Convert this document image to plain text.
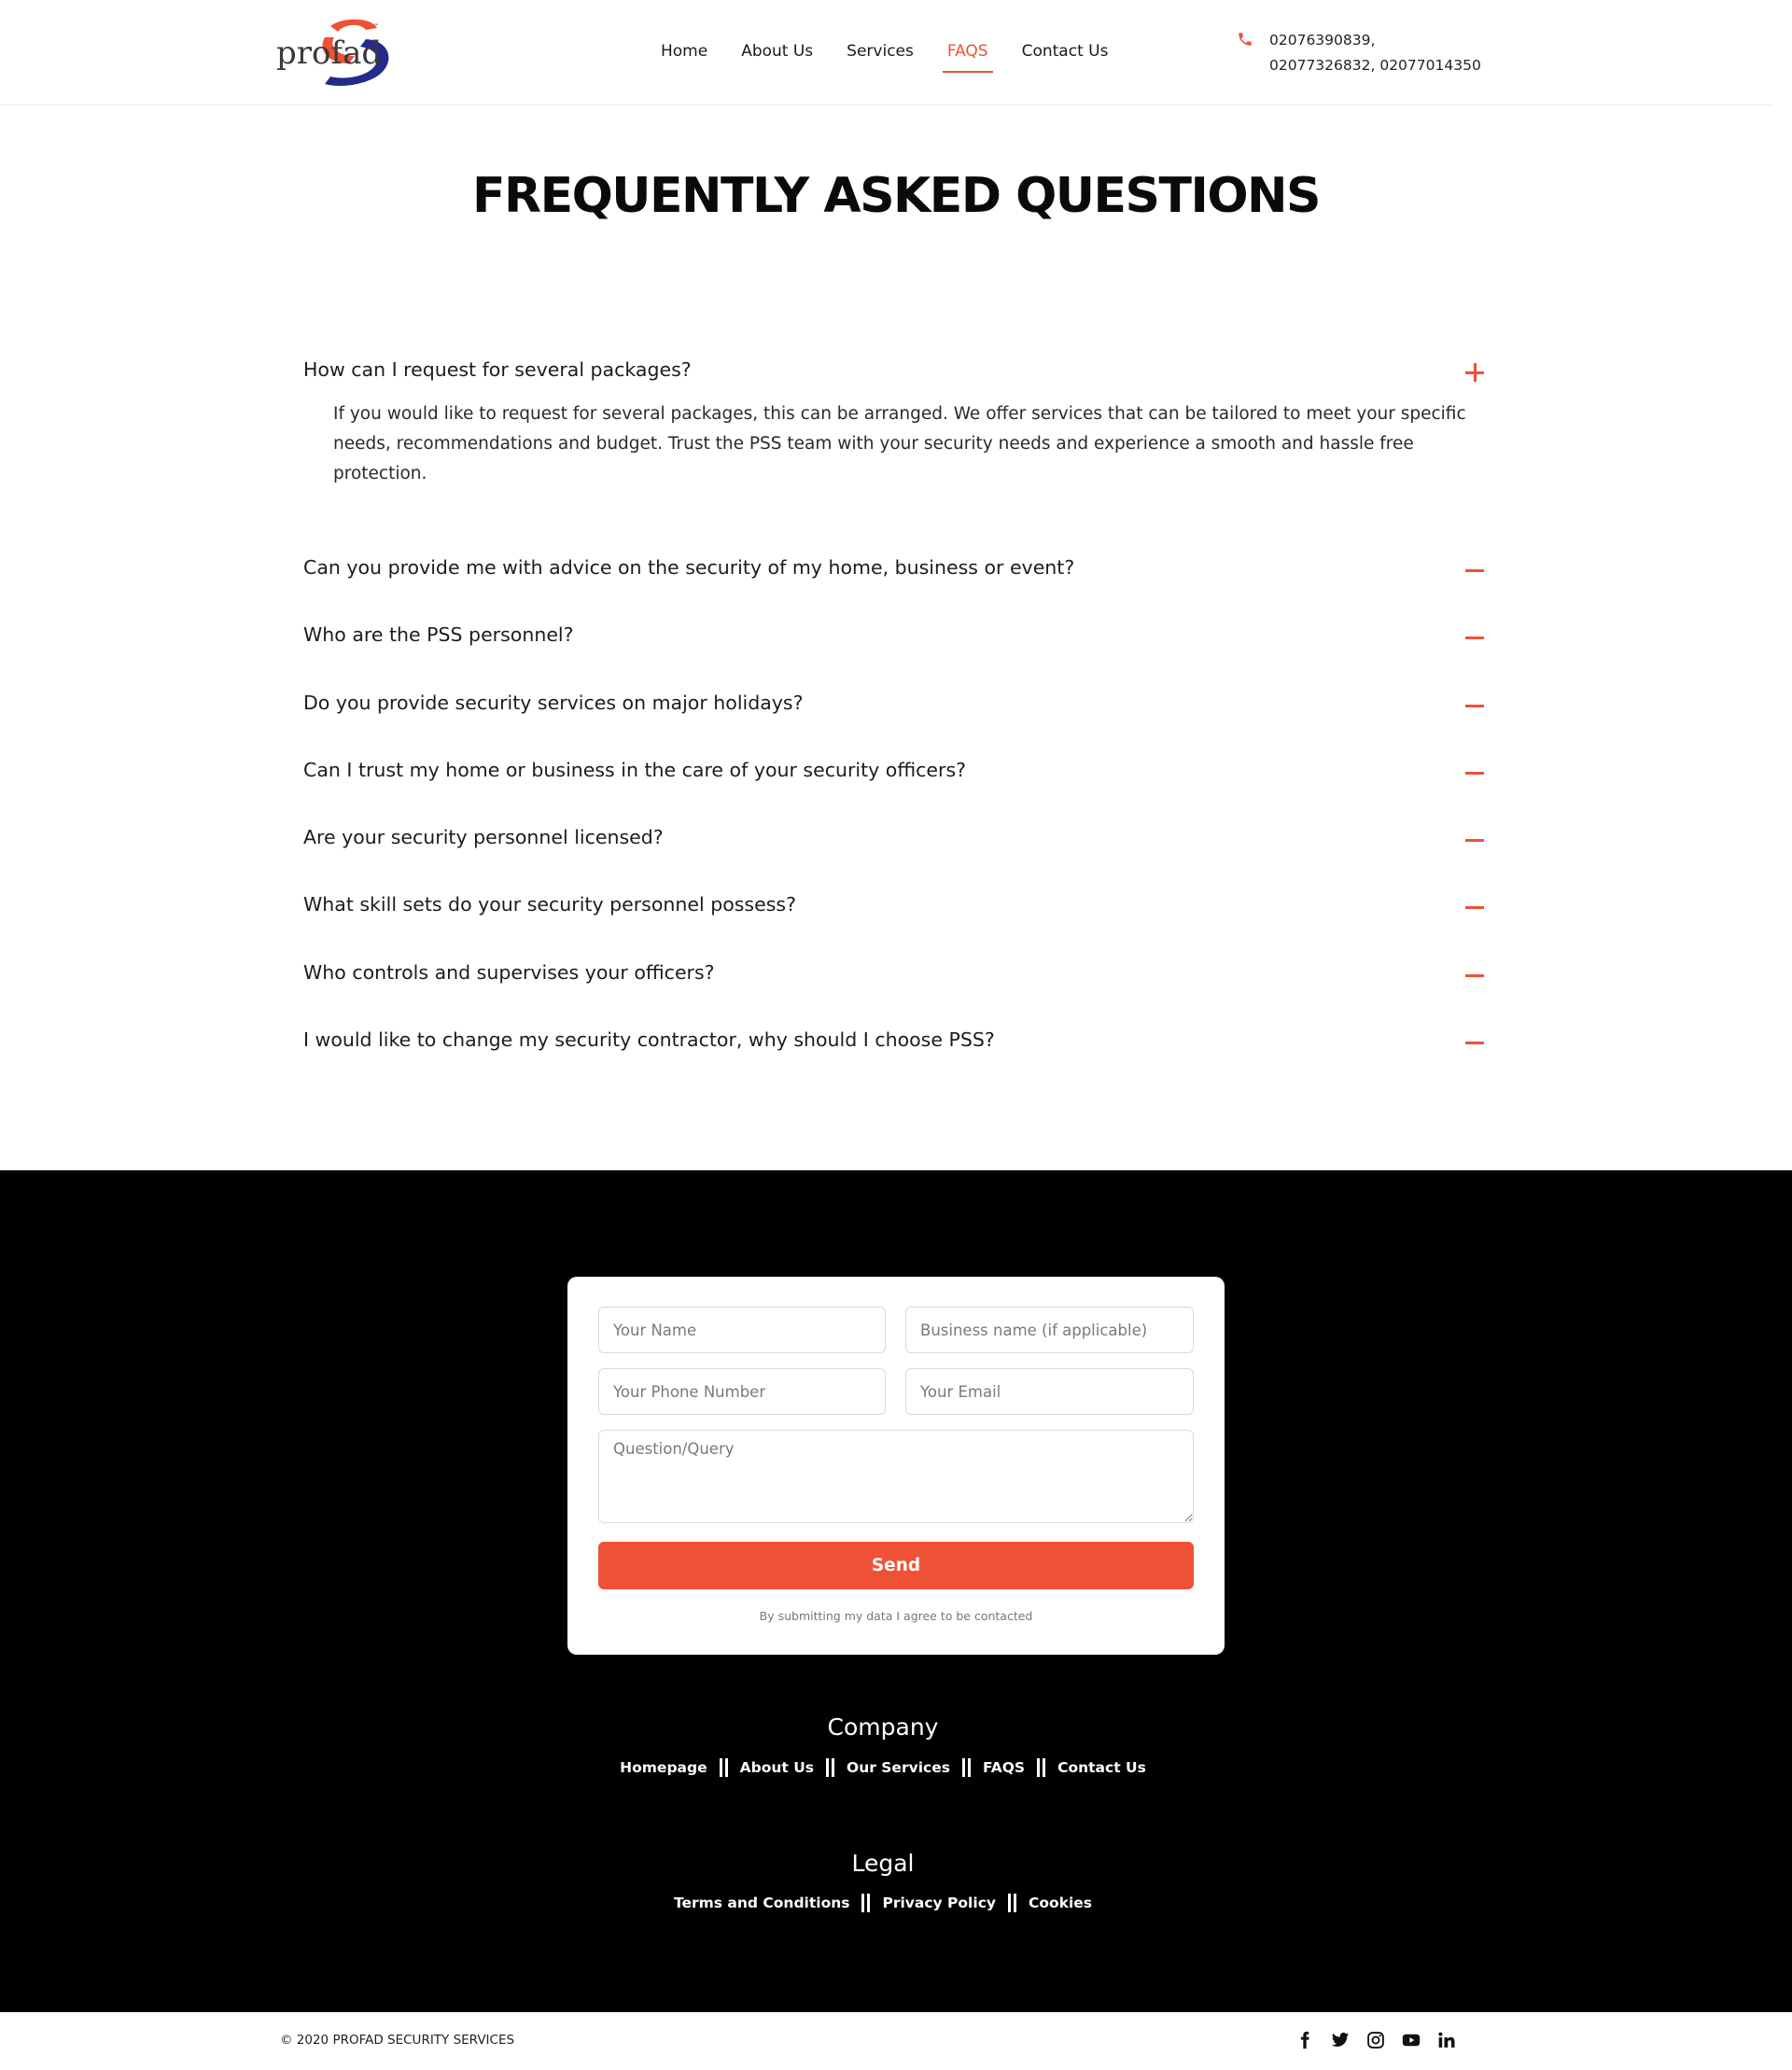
profad
™
Home	About Us	Services	FAQS	Contact Us
02076390839,
02077326832, 02077014350
FREQUENTLY ASKED QUESTIONS
How can I request for several packages?
If you would like to request for several packages, this can be arranged. We offer services that can be tailored to meet your specific needs, recommendations and budget. Trust the PSS team with your security needs and experience a smooth and hassle free protection.
Can you provide me with advice on the security of my home, business or event?
Who are the PSS personnel?
Do you provide security services on major holidays?
Can I trust my home or business in the care of your security officers?
Are your security personnel licensed?
What skill sets do your security personnel possess?
Who controls and supervises your officers?
I would like to change my security contractor, why should I choose PSS?
Your Name
Business name (if applicable)
Your Phone Number
Your Email
Question/Query
Send
By submitting my data I agree to be contacted
Company
Homepage About Us Our Services FAQS Contact Us
Legal
Terms and Conditions Privacy Policy Cookies
© 2020 PROFAD SECURITY SERVICES
